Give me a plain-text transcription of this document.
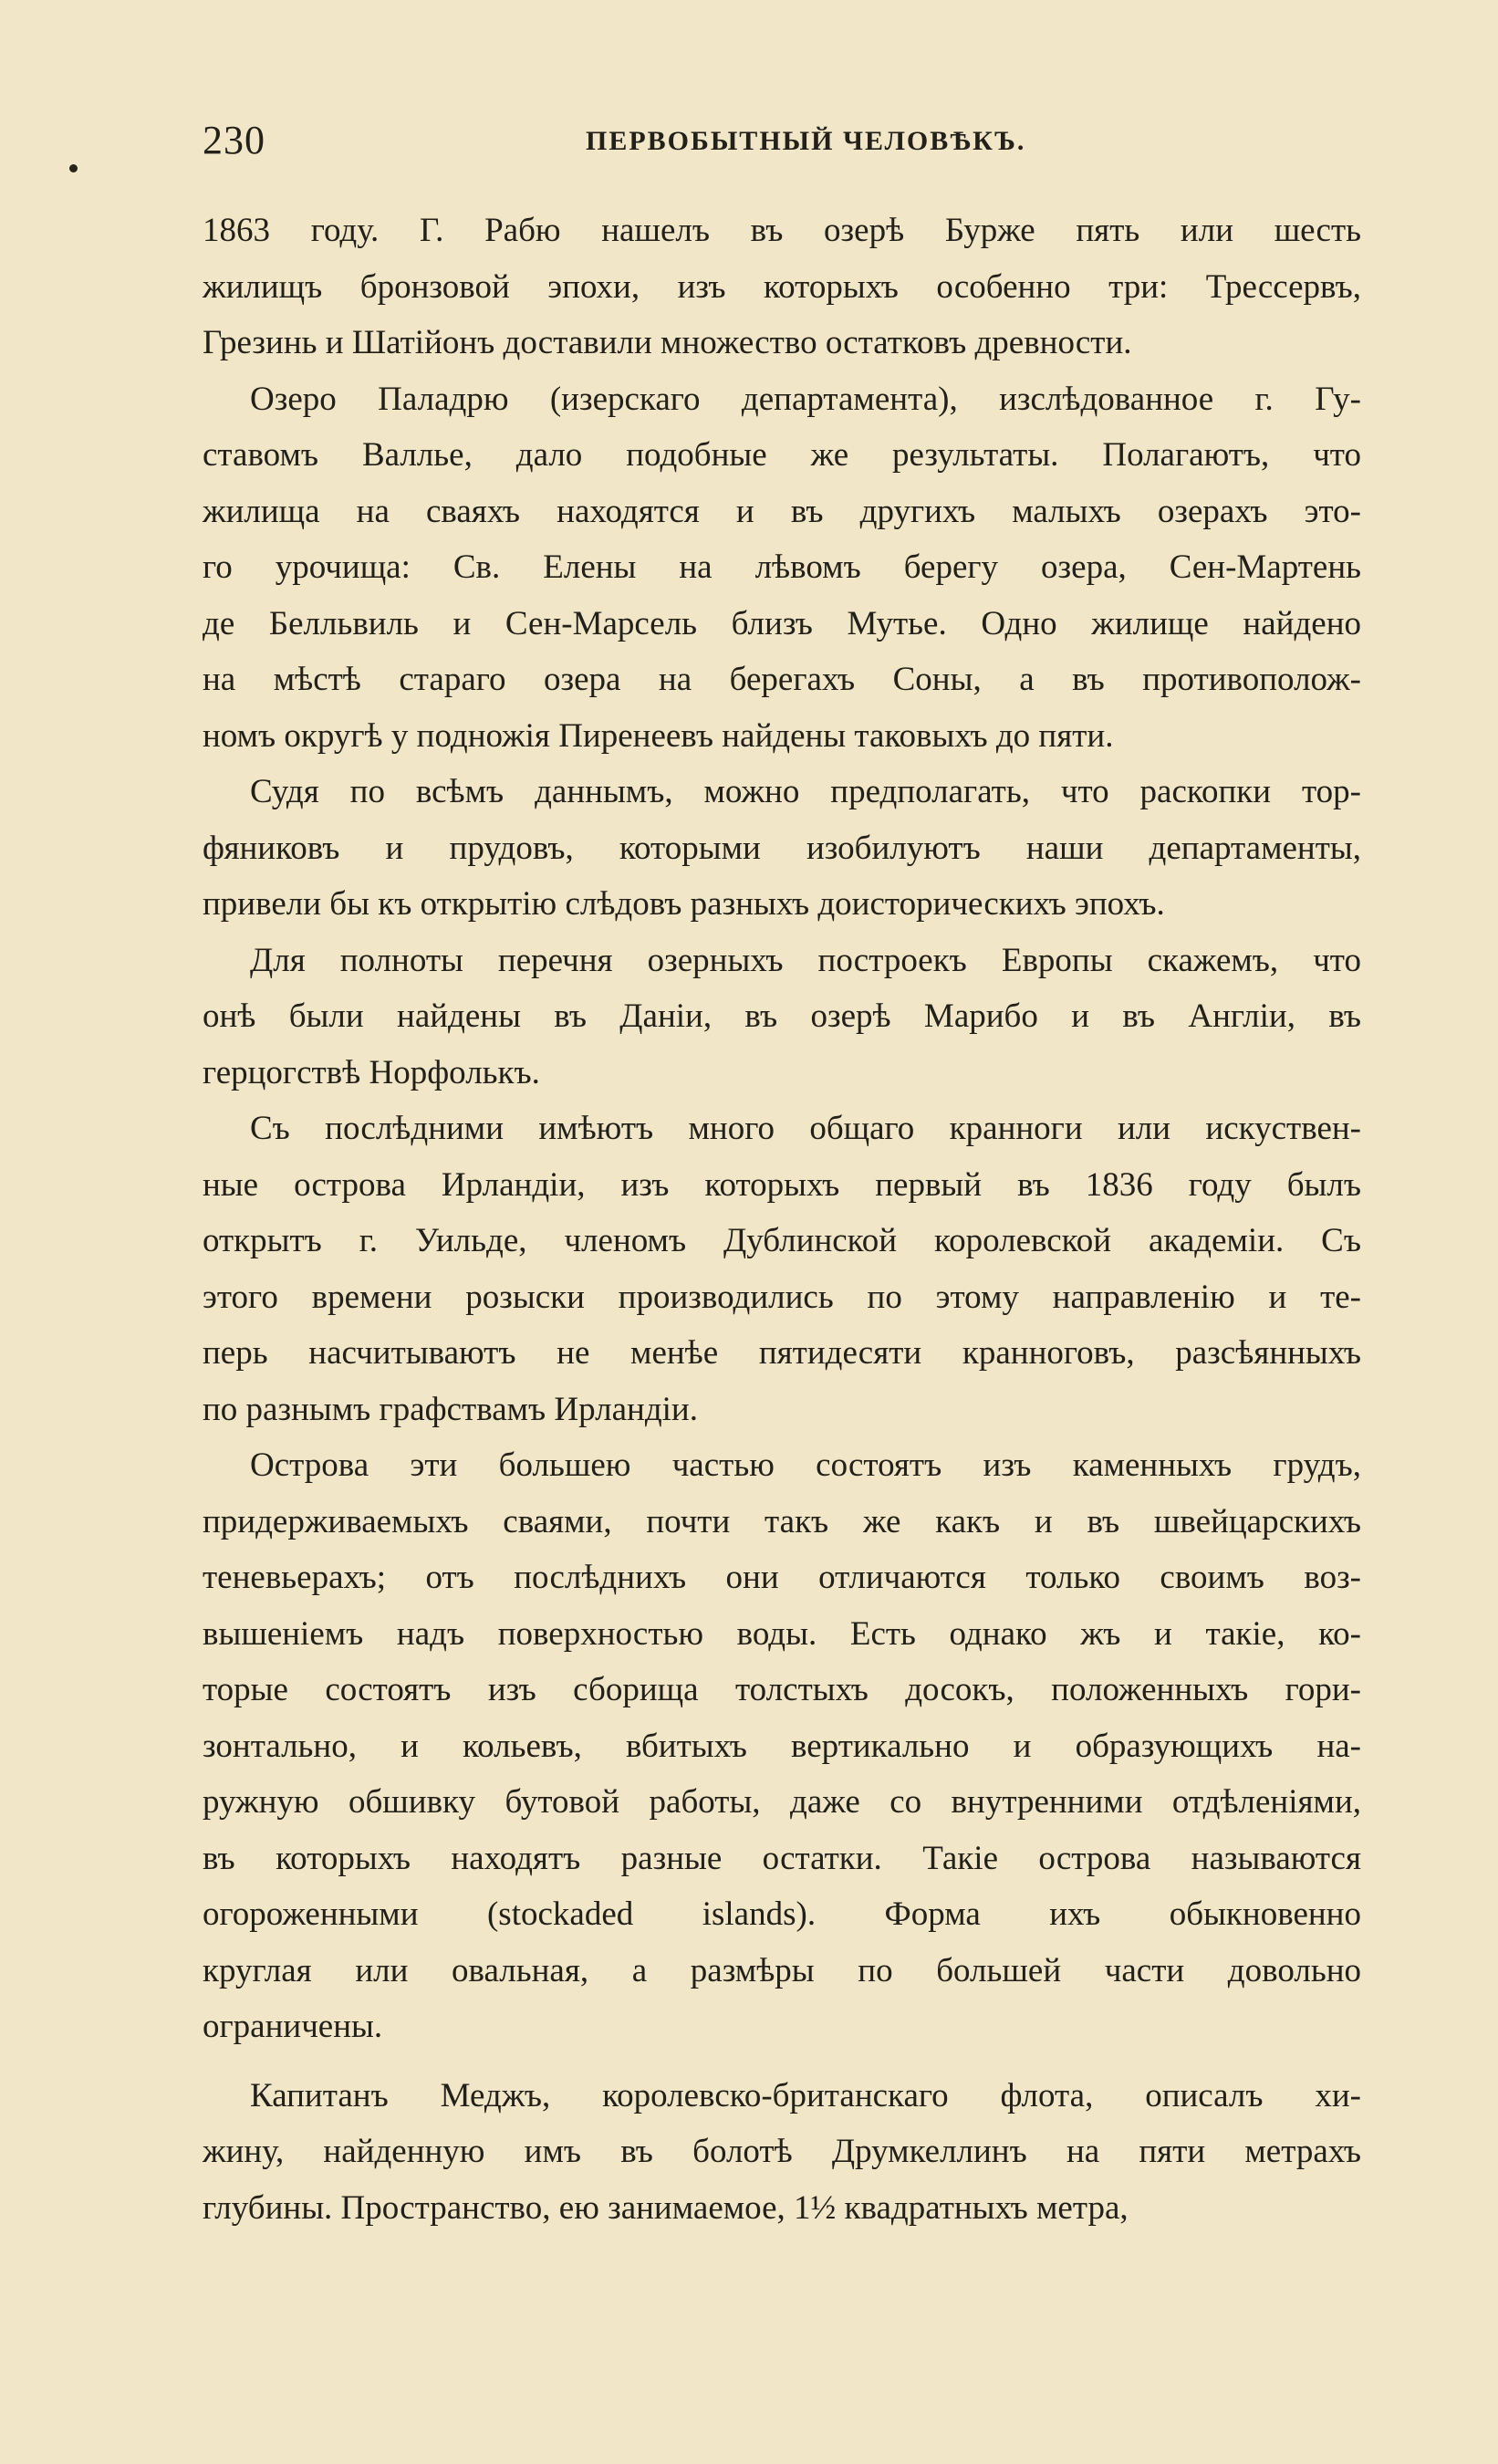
230	ПЕРВОБЫТНЫЙ ЧЕЛОВѢКЪ.
1863 году. Г. Рабю нашелъ въ озерѣ Бурже пять или шесть
жилищъ бронзовой эпохи, изъ которыхъ особенно три: Трессервъ,
Грезинь и Шатійонъ доставили множество остатковъ древности.
Озеро Паладрю (изерскаго департамента), изслѣдованное г. Гу-
ставомъ Валлье, дало подобные же результаты. Полагаютъ, что
жилища на сваяхъ находятся и въ другихъ малыхъ озерахъ это-
го урочища: Св. Елены на лѣвомъ берегу озера, Сен-Мартень
де Белльвиль и Сен-Марсель близъ Мутье. Одно жилище найдено
на мѣстѣ стараго озера на берегахъ Соны, а въ противополож-
номъ округѣ у подножія Пиренеевъ найдены таковыхъ до пяти.
Судя по всѣмъ даннымъ, можно предполагать, что раскопки тор-
фяниковъ и прудовъ, которыми изобилуютъ наши департаменты,
привели бы къ открытію слѣдовъ разныхъ доисторическихъ эпохъ.
Для полноты перечня озерныхъ построекъ Европы скажемъ, что
онѣ были найдены въ Даніи, въ озерѣ Марибо и въ Англіи, въ
герцогствѣ Норфолькъ.
Съ послѣдними имѣютъ много общаго кранноги или искуствен-
ные острова Ирландіи, изъ которыхъ первый въ 1836 году былъ
открытъ г. Уильде, членомъ Дублинской королевской академіи. Съ
этого времени розыски производились по этому направленію и те-
перь насчитываютъ не менѣе пятидесяти кранноговъ, разсѣянныхъ
по разнымъ графствамъ Ирландіи.
Острова эти большею частью состоятъ изъ каменныхъ грудъ,
придерживаемыхъ сваями, почти такъ же какъ и въ швейцарскихъ
теневьерахъ; отъ послѣднихъ они отличаются только своимъ воз-
вышеніемъ надъ поверхностью воды. Есть однако жъ и такіе, ко-
торые состоятъ изъ сборища толстыхъ досокъ, положенныхъ гори-
зонтально, и кольевъ, вбитыхъ вертикально и образующихъ на-
ружную обшивку бутовой работы, даже со внутренними отдѣленіями,
въ которыхъ находятъ разные остатки. Такіе острова называются
огороженными (stockaded islands). Форма ихъ обыкновенно
круглая или овальная, а размѣры по большей части довольно
ограничены.
Капитанъ Меджъ, королевско-британскаго флота, описалъ хи-
жину, найденную имъ въ болотѣ Друмкеллинъ на пяти метрахъ
глубины. Пространство, ею занимаемое, 1½ квадратныхъ метра,
